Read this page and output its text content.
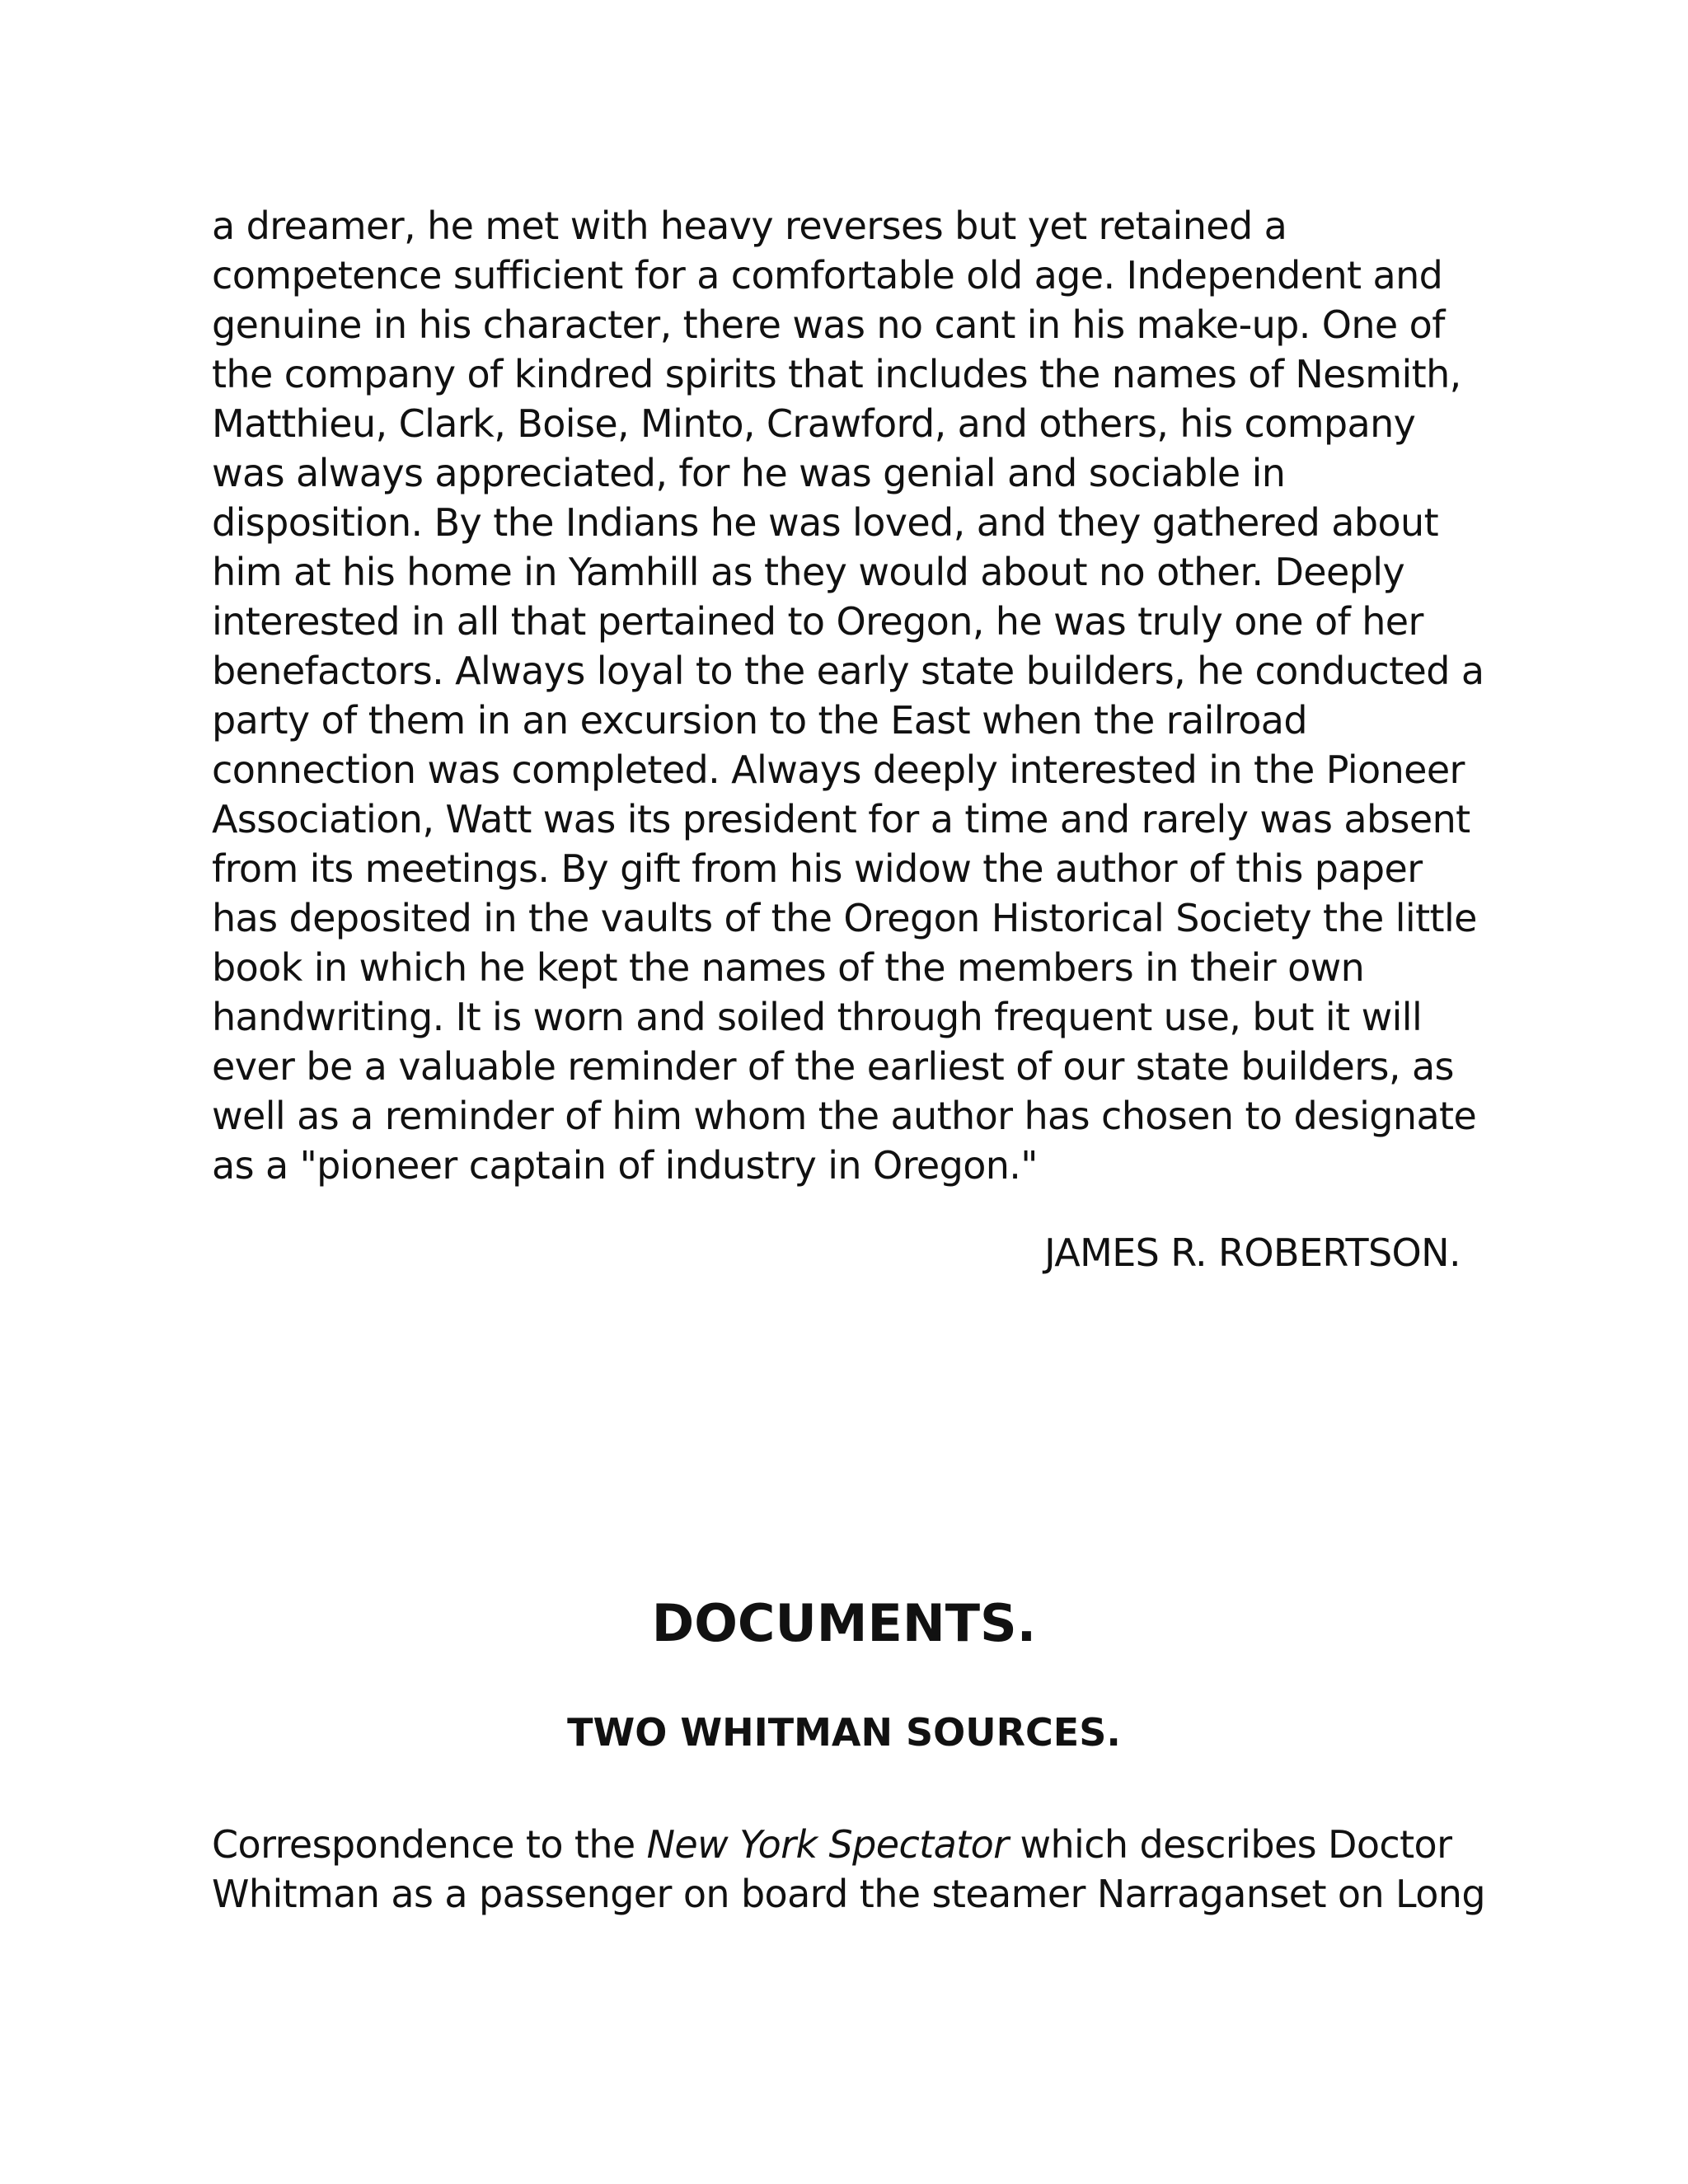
a dreamer, he met with heavy reverses but yet retained a
competence sufficient for a comfortable old age. Independent and
genuine in his character, there was no cant in his make-up. One of
the company of kindred spirits that includes the names of Nesmith,
Matthieu, Clark, Boise, Minto, Crawford, and others, his company
was always appreciated, for he was genial and sociable in
disposition. By the Indians he was loved, and they gathered about
him at his home in Yamhill as they would about no other. Deeply
interested in all that pertained to Oregon, he was truly one of her
benefactors. Always loyal to the early state builders, he conducted a
party of them in an excursion to the East when the railroad
connection was completed. Always deeply interested in the Pioneer
Association, Watt was its president for a time and rarely was absent
from its meetings. By gift from his widow the author of this paper
has deposited in the vaults of the Oregon Historical Society the little
book in which he kept the names of the members in their own
handwriting. It is worn and soiled through frequent use, but it will
ever be a valuable reminder of the earliest of our state builders, as
well as a reminder of him whom the author has chosen to designate
as a "pioneer captain of industry in Oregon."
JAMES R. ROBERTSON.
DOCUMENTS.
TWO WHITMAN SOURCES.
Correspondence to the New York Spectator which describes Doctor
Whitman as a passenger on board the steamer Narraganset on Long
